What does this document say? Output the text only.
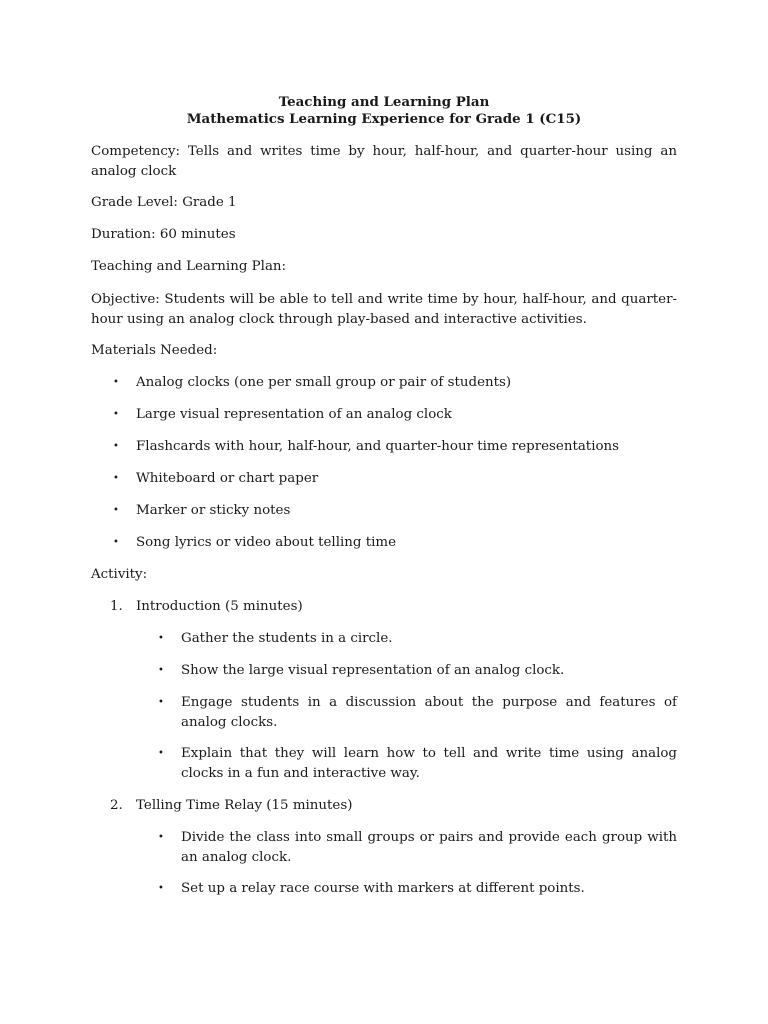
Teaching and Learning Plan
Mathematics Learning Experience for Grade 1 (C15)

Competency: Tells and writes time by hour, half-hour, and quarter-hour using an analog clock

Grade Level: Grade 1

Duration: 60 minutes

Teaching and Learning Plan:

Objective: Students will be able to tell and write time by hour, half-hour, and quarter-hour using an analog clock through play-based and interactive activities.

Materials Needed:

• Analog clocks (one per small group or pair of students)
• Large visual representation of an analog clock
• Flashcards with hour, half-hour, and quarter-hour time representations
• Whiteboard or chart paper
• Marker or sticky notes
• Song lyrics or video about telling time

Activity:

1. Introduction (5 minutes)
• Gather the students in a circle.
• Show the large visual representation of an analog clock.
• Engage students in a discussion about the purpose and features of analog clocks.
• Explain that they will learn how to tell and write time using analog clocks in a fun and interactive way.
2. Telling Time Relay (15 minutes)
• Divide the class into small groups or pairs and provide each group with an analog clock.
• Set up a relay race course with markers at different points.
